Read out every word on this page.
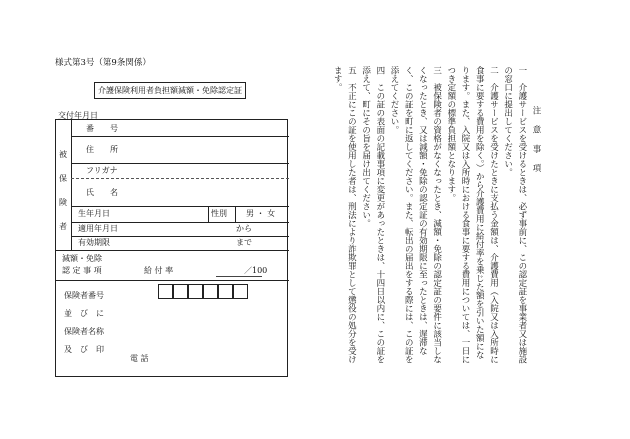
様式第3号（第9条関係）
介護保険利用者負担額減額・免除認定証
交付年月日
被
保
険
者
番　　号
住　　所
フリガナ
氏　　名
生年月日	性別 男 ・ 女
適用年月日	から
有効期限	まで
減額・免除
認 定 事 項	給 付 率	／100
保険者番号
並　び　に
保険者名称
及　び　印
電 話

注 意 事 項

一　介護サービスを受けるときは、必ず事前に、この認定証を事業者又は施設の窓口に提出してください。

二　介護サービスを受けたときに支払う金額は、介護費用（入院又は入所時に食事に要する費用を除く。）から介護費用に給付率を乗じた額を引いた額になります。また、入院又は入所時における食事に要する費用については、一日につき定額の標準負担額となります。

三　被保険者の資格がなくなったとき、減額・免除の認定証の要件に該当しなくなったとき、又は減額・免除の認定証の有効期限に至ったときは、遅滞なく、この証を町に返してください。また、転出の届出をする際には、この証を添えてください。

四　この証の表面の記載事項に変更があったときは、十四日以内に、この証を添えて、町にその旨を届け出てください。

五　不正にこの証を使用した者は、刑法により詐欺罪として懲役の処分を受けます。
